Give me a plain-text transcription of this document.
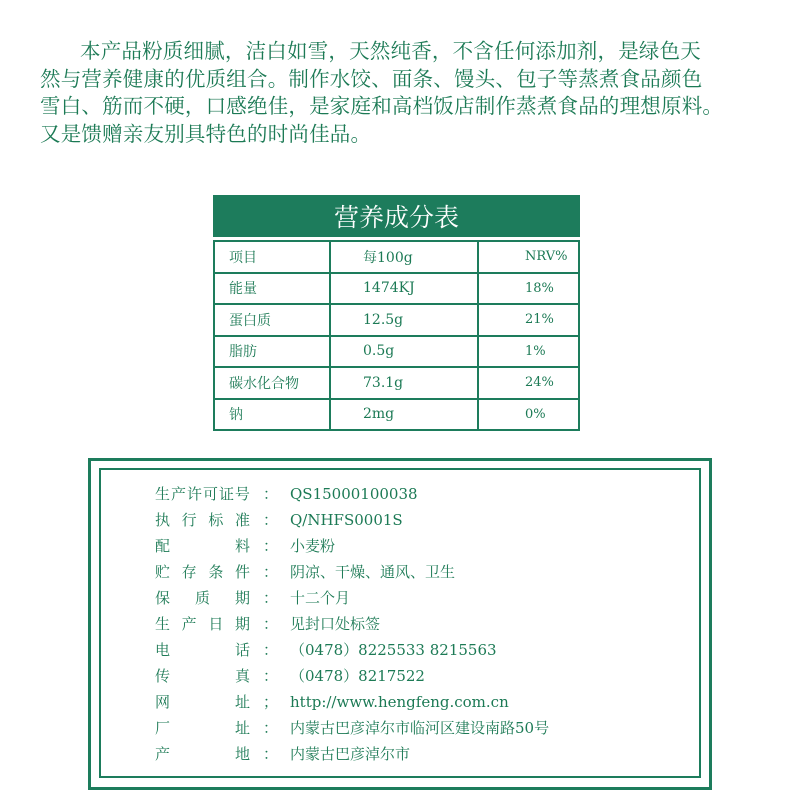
本产品粉质细腻，洁白如雪，天然纯香，不含任何添加剂，是绿色天
然与营养健康的优质组合。制作水饺、面条、馒头、包子等蒸煮食品颜色
雪白、筋而不硬，口感绝佳，是家庭和高档饭店制作蒸煮食品的理想原料。
又是馈赠亲友别具特色的时尚佳品。
营养成分表
项目	每100g	NRV%
能量	1474KJ	18%
蛋白质	12.5g	21%
脂肪	0.5g	1%
碳水化合物	73.1g	24%
钠	2mg	0%
生 产 许 可 证 号 ： QS15000100038
执 行 标 准 ： Q/NHFS0001S
配	料 ： 小麦粉
贮 存 条 件 ： 阴凉、干燥、通风、卫生
保 质 期 ： 十二个月
生 产 日 期 ： 见封口处标签
电	话 ： （0478）8225533 8215563
传	真 ： （0478）8217522
网	址 ； http://www.hengfeng.com.cn
厂	址 ： 内蒙古巴彦淖尔市临河区建设南路50号
产	地 ： 内蒙古巴彦淖尔市
